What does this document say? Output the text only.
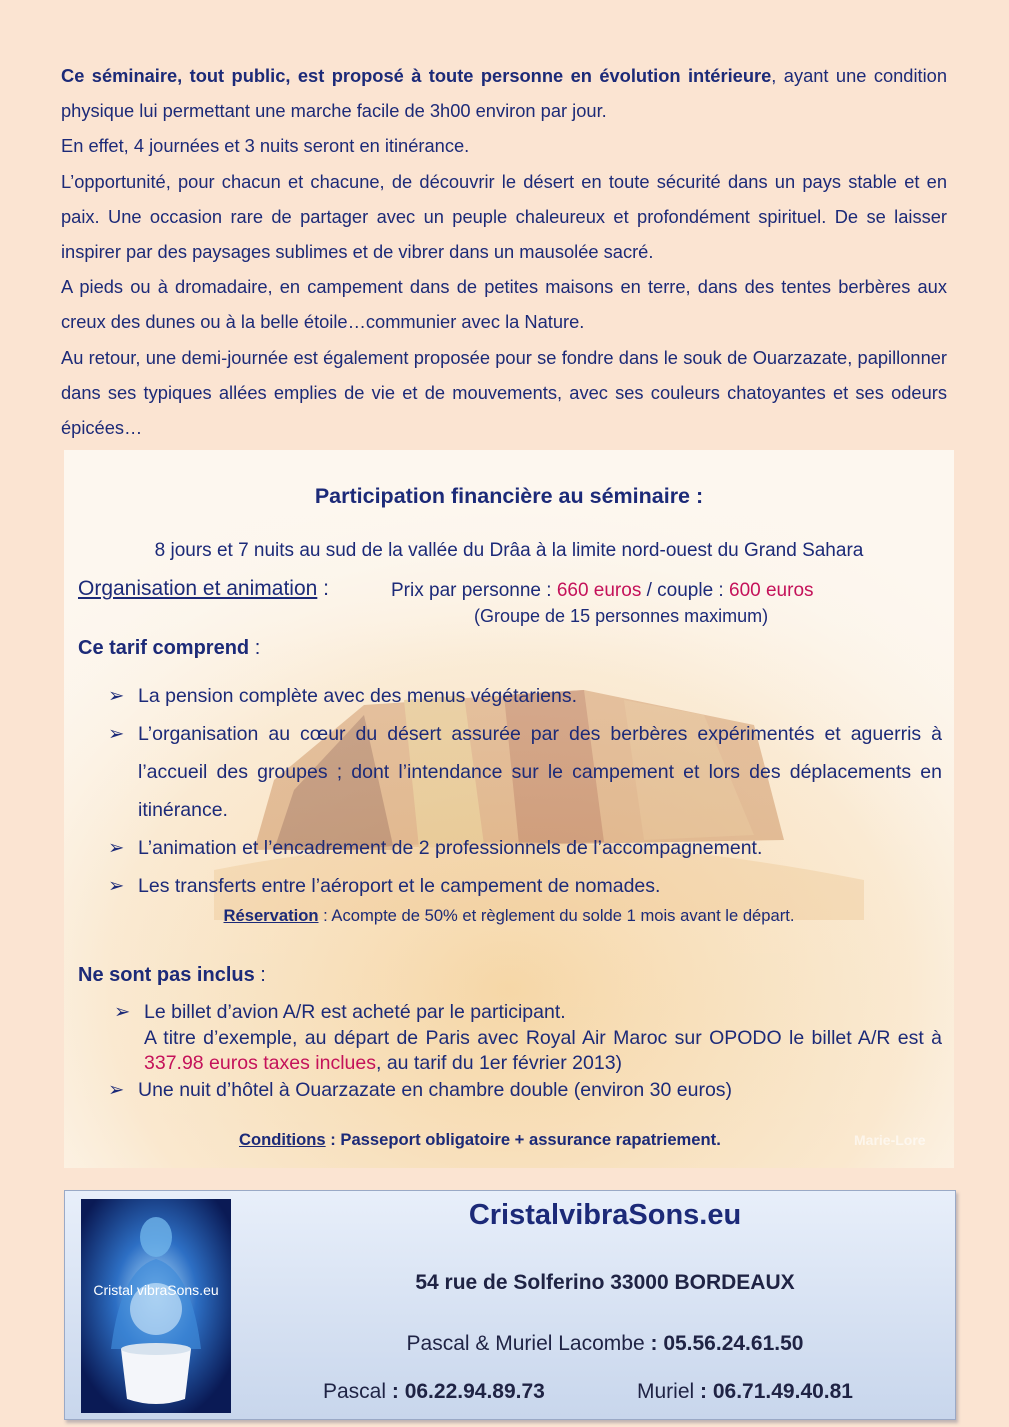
Ce séminaire, tout public, est proposé à toute personne en évolution intérieure, ayant une condition physique lui permettant une marche facile de 3h00 environ par jour.

En effet, 4 journées et 3 nuits seront en itinérance.

L’opportunité, pour chacun et chacune, de découvrir le désert en toute sécurité dans un pays stable et en paix. Une occasion rare de partager avec un peuple chaleureux et profondément spirituel. De se laisser inspirer par des paysages sublimes et de vibrer dans un mausolée sacré.

A pieds ou à dromadaire, en campement dans de petites maisons en terre, dans des tentes berbères aux creux des dunes ou à la belle étoile…communier avec la Nature.

Au retour, une demi-journée est également proposée pour se fondre dans le souk de Ouarzazate, papillonner dans ses typiques allées emplies de vie et de mouvements, avec ses couleurs chatoyantes et ses odeurs épicées…

Participation financière au séminaire :
8 jours et 7 nuits au sud de la vallée du Drâa à la limite nord-ouest du Grand Sahara
Organisation et animation :	Prix par personne : 660 euros / couple : 600 euros
(Groupe de 15 personnes maximum)
Ce tarif comprend :
➢ La pension complète avec des menus végétariens.
➢ L’organisation au cœur du désert assurée par des berbères expérimentés et aguerris à l’accueil des groupes ; dont l’intendance sur le campement et lors des déplacements en itinérance.
➢ L’animation et l’encadrement de 2 professionnels de l’accompagnement.
➢ Les transferts entre l’aéroport et le campement de nomades.
Réservation : Acompte de 50% et règlement du solde 1 mois avant le départ.
Ne sont pas inclus :
➢ Le billet d’avion A/R est acheté par le participant.
A titre d’exemple, au départ de Paris avec Royal Air Maroc sur OPODO le billet A/R est à 337.98 euros taxes inclues, au tarif du 1er février 2013)
➢ Une nuit d’hôtel à Ouarzazate en chambre double (environ 30 euros)
Conditions : Passeport obligatoire + assurance rapatriement.	Marie-Lore
Cristal vibraSons.eu
CristalvibraSons.eu
54 rue de Solferino 33000 BORDEAUX
Pascal & Muriel Lacombe : 05.56.24.61.50
Pascal : 06.22.94.89.73	Muriel : 06.71.49.40.81
